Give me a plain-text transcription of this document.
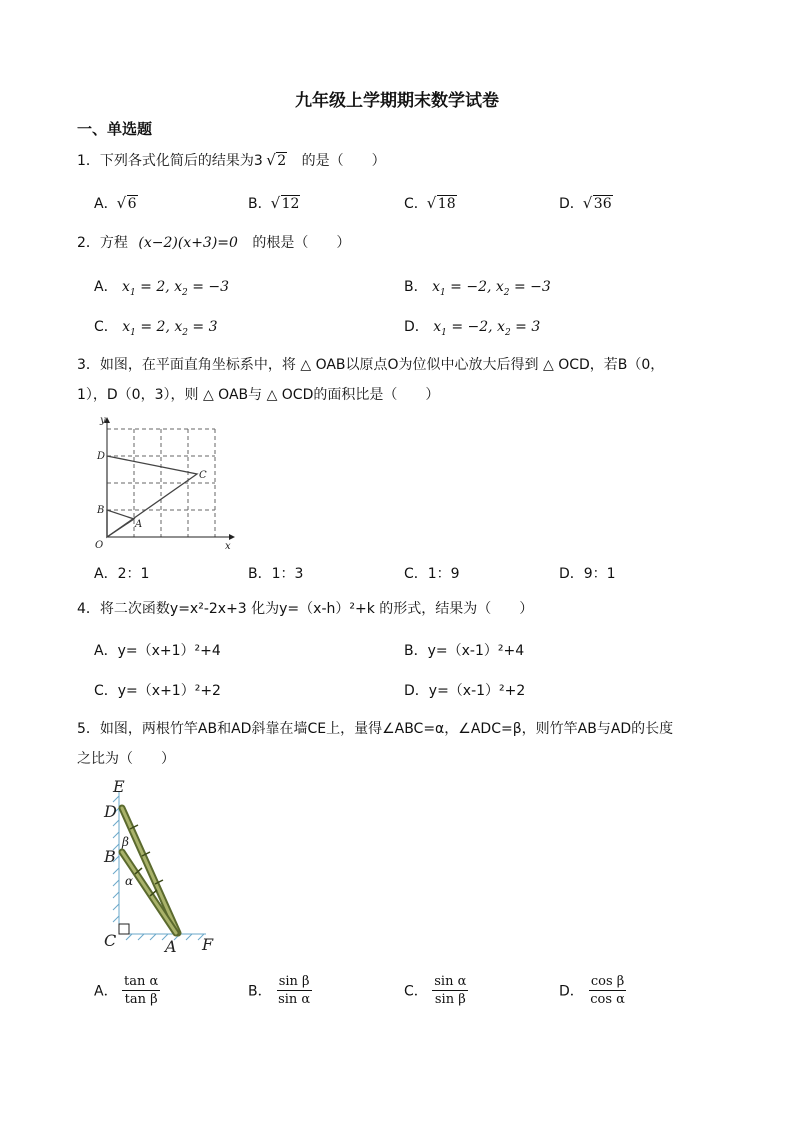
九年级上学期期末数学试卷
一、单选题
1．下列各式化简后的结果为3 √ 2 的是（　　）
A． √ 6	B． √ 12	C． √ 18	D． √ 36
2．方程 (x−2)(x+3)=0 的根是（　　）
A． $x_1 = 2$, $x_2 = -3$	B． $x_1 = -2$, $x_2 = -3$
C． $x_1 = 2$, $x_2 = 3$	D． $x_1 = -2$, $x_2 = 3$
3．如图，在平面直角坐标系中，将 △ OAB以原点O为位似中心放大后得到 △ OCD，若B（0，
1），D（0，3），则 △ OAB与 △ OCD的面积比是（　　）
y
x
O
A
B
C
D
A．2：1	B．1：3	C．1：9	D．9：1
4．将二次函数y=x²-2x+3 化为y=（x-h）²+k 的形式，结果为（　　）
A．y=（x+1）²+4	B．y=（x-1）²+4
C．y=（x+1）²+2	D．y=（x-1）²+2
5．如图，两根竹竿AB和AD斜靠在墙CE上，量得∠ABC=α，∠ADC=β，则竹竿AB与AD的长度
之比为（　　）
E
D
β
B
α
C	A F
A． $\frac{\text{tan α}}{\text{tan β}}$	B． $\frac{\text{sin β}}{\text{sin α}}$	C． $\frac{\text{sin α}}{\text{sin β}}$	D． $\frac{\text{cos β}}{\text{cos α}}$
